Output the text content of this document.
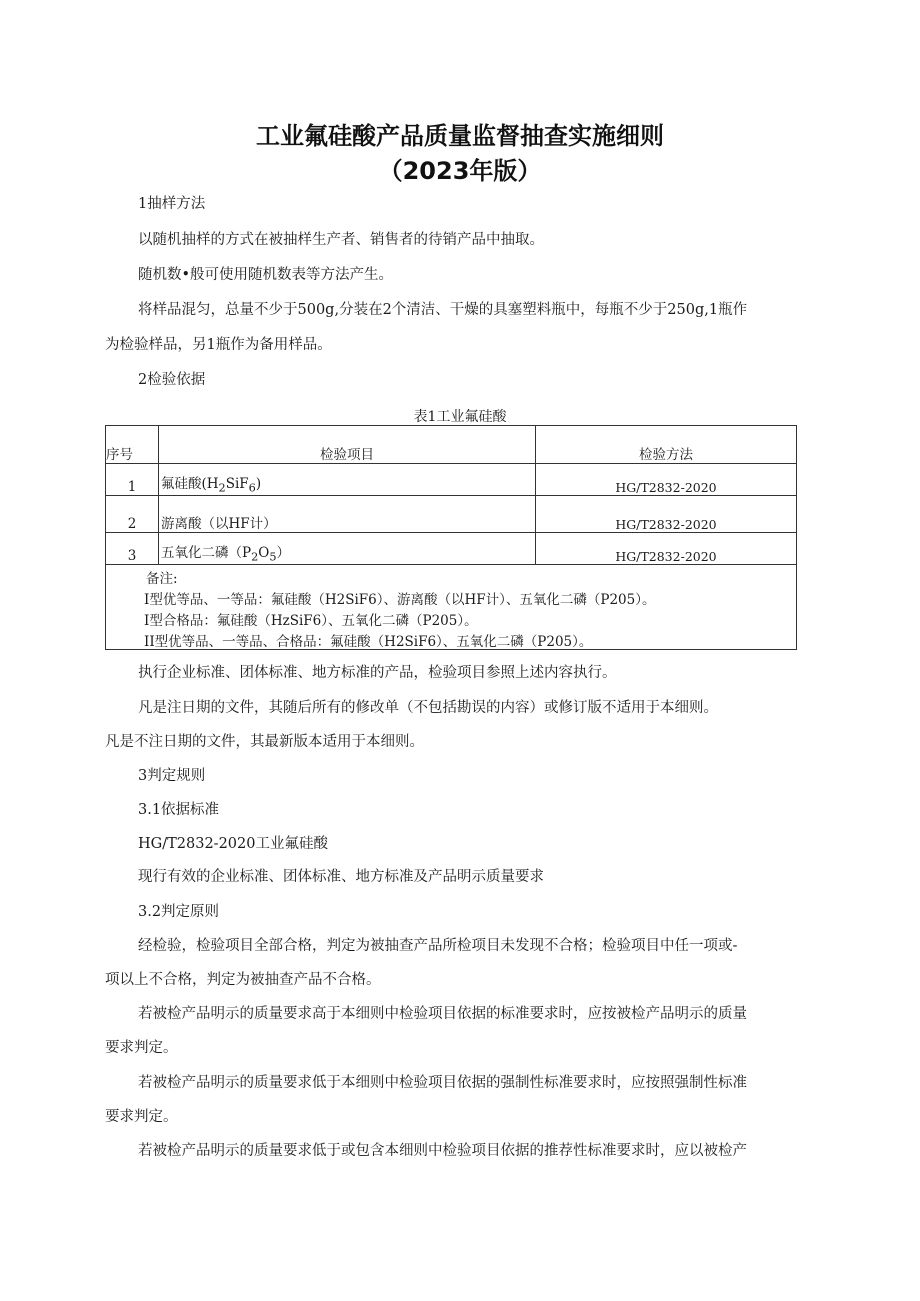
工业氟硅酸产品质量监督抽查实施细则
（2023年版）
1抽样方法
以随机抽样的方式在被抽样生产者、销售者的待销产品中抽取。
随机数•般可使用随机数表等方法产生。
将样品混匀，总量不少于500g,分装在2个清洁、干燥的具塞塑料瓶中，每瓶不少于250g,1瓶作
为检验样品，另1瓶作为备用样品。
2检验依据
表1工业氟硅酸
序号	检验项目	检验方法
1	氟硅酸$(H_2SiF_6)$	HG/T2832-2020
2	游离酸（以HF计）	HG/T2832-2020
3	五氧化二磷$(P_2O_5)$	HG/T2832-2020

备注:
I型优等品、一等品：氟硅酸（H2SiF6）、游离酸（以HF计）、五氧化二磷（P205）。
I型合格品：氟硅酸（HzSiF6）、五氧化二磷（P205）。
II型优等品、一等品、合格品：氟硅酸（H2SiF6）、五氧化二磷（P205）。		
执行企业标准、团体标准、地方标准的产品，检验项目参照上述内容执行。
凡是注日期的文件，其随后所有的修改单（不包括勘误的内容）或修订版不适用于本细则。
凡是不注日期的文件，其最新版本适用于本细则。
3判定规则
3.1依据标准
HG/T2832-2020工业氟硅酸
现行有效的企业标准、团体标准、地方标准及产品明示质量要求
3.2判定原则
经检验，检验项目全部合格，判定为被抽查产品所检项目未发现不合格；检验项目中任一项或-
项以上不合格，判定为被抽查产品不合格。
若被检产品明示的质量要求高于本细则中检验项目依据的标准要求时，应按被检产品明示的质量
要求判定。
若被检产品明示的质量要求低于本细则中检验项目依据的强制性标准要求时，应按照强制性标准
要求判定。
若被检产品明示的质量要求低于或包含本细则中检验项目依据的推荐性标准要求时，应以被检产
